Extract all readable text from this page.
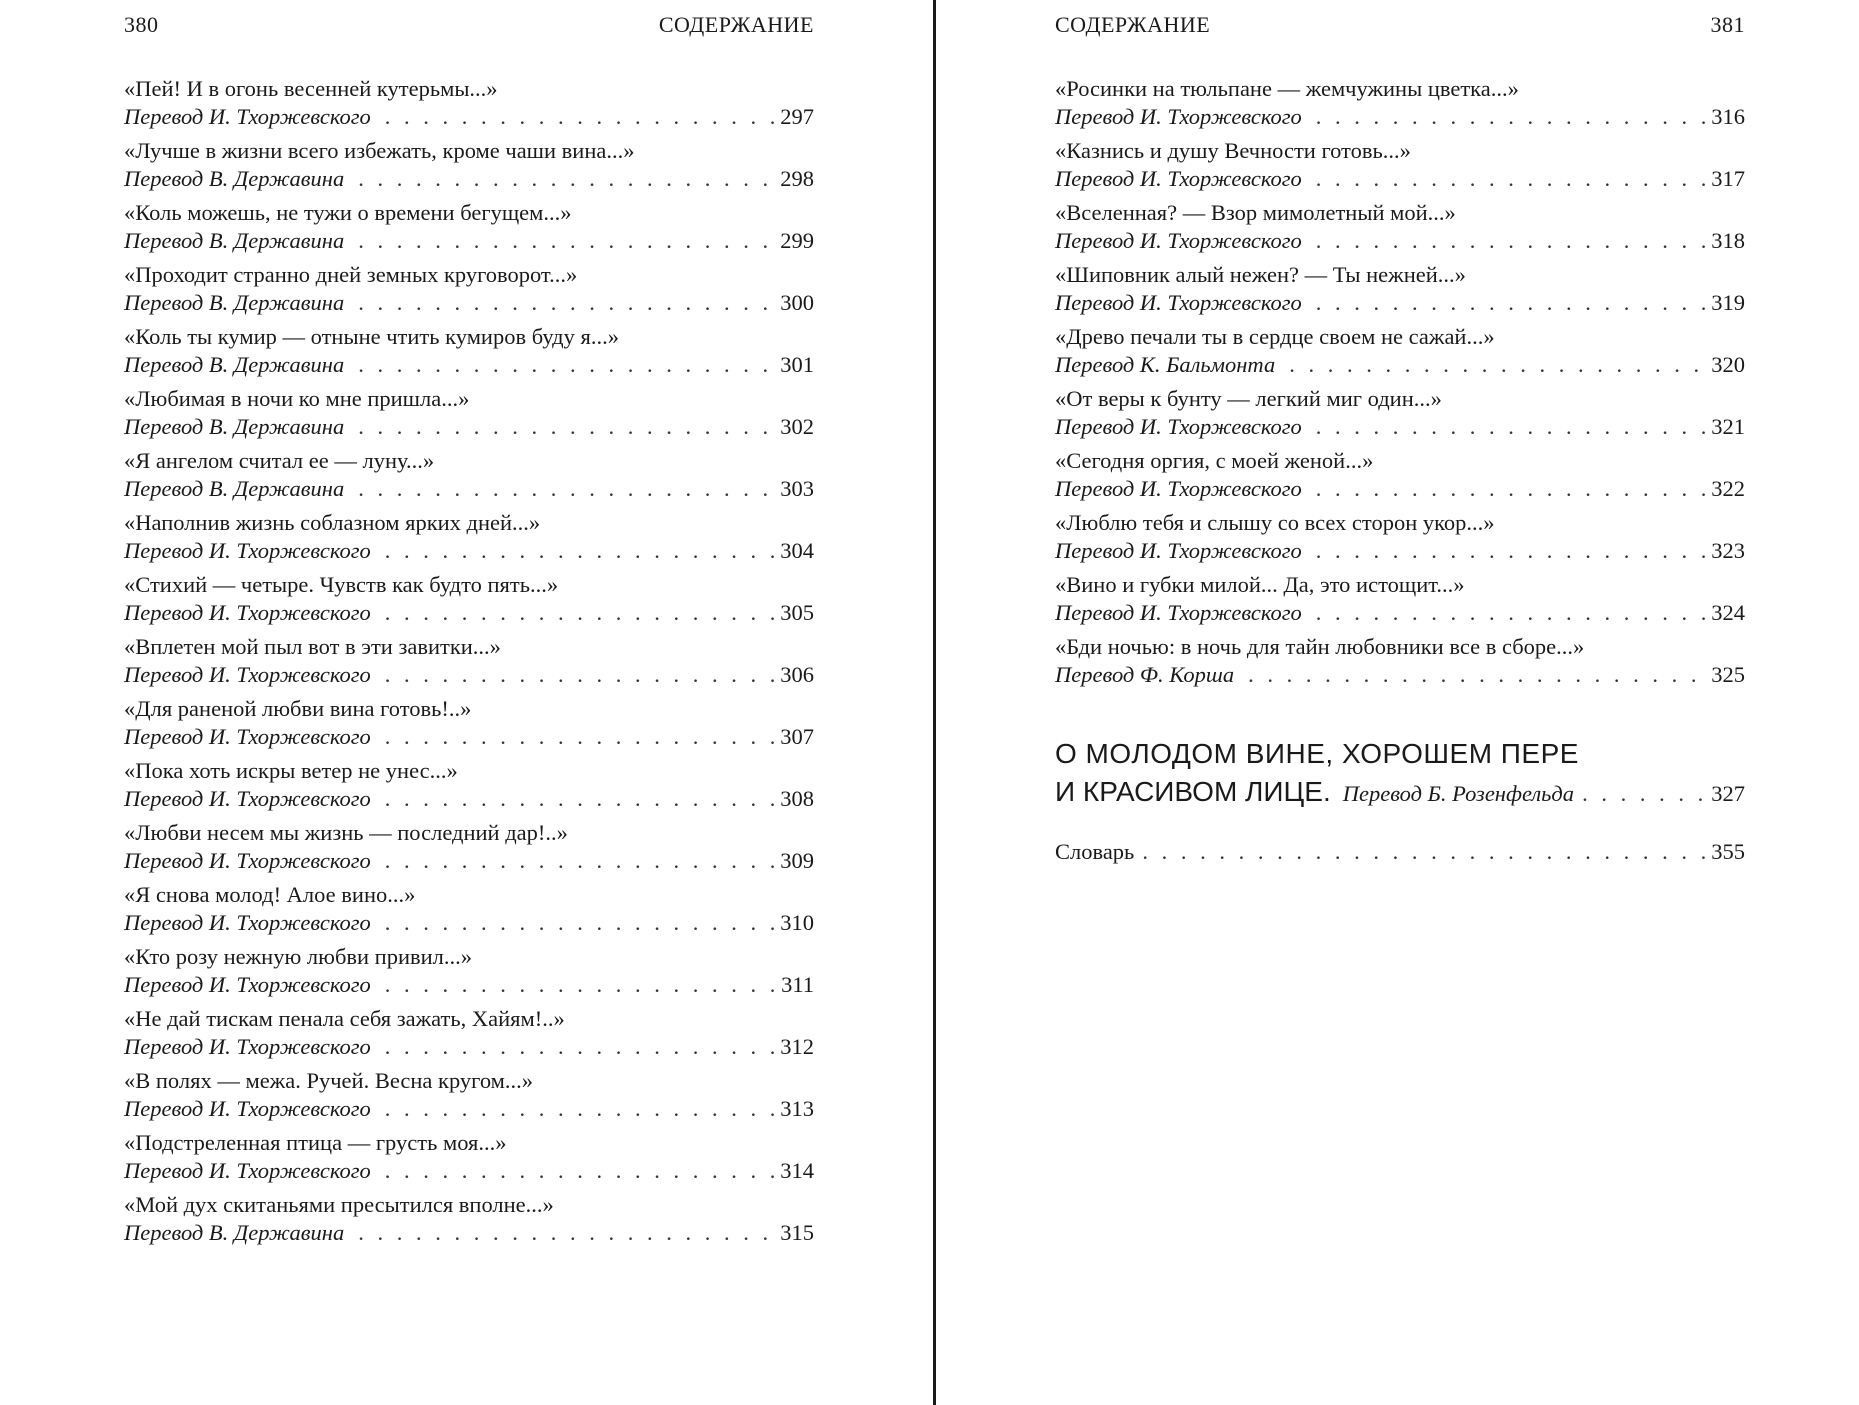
380	СОДЕРЖАНИЕ
«Пей! И в огонь весенней кутерьмы...»
Перевод И. Тхоржевского . . .	297
«Лучше в жизни всего избежать, кроме чаши вина...»
Перевод В. Державина . . .	298
«Коль можешь, не тужи о времени бегущем...»
Перевод В. Державина . . .	299
«Проходит странно дней земных круговорот...»
Перевод В. Державина . . .	300
«Коль ты кумир — отныне чтить кумиров буду я...»
Перевод В. Державина . . .	301
«Любимая в ночи ко мне пришла...»
Перевод В. Державина . . .	302
«Я ангелом считал ее — луну...»
Перевод В. Державина . . .	303
«Наполнив жизнь соблазном ярких дней...»
Перевод И. Тхоржевского . . .	304
«Стихий — четыре. Чувств как будто пять...»
Перевод И. Тхоржевского . . .	305
«Вплетен мой пыл вот в эти завитки...»
Перевод И. Тхоржевского . . .	306
«Для раненой любви вина готовь!..»
Перевод И. Тхоржевского . . .	307
«Пока хоть искры ветер не унес...»
Перевод И. Тхоржевского . . .	308
«Любви несем мы жизнь — последний дар!..»
Перевод И. Тхоржевского . . .	309
«Я снова молод! Алое вино...»
Перевод И. Тхоржевского . . .	310
«Кто розу нежную любви привил...»
Перевод И. Тхоржевского . . .	311
«Не дай тискам пенала себя зажать, Хайям!..»
Перевод И. Тхоржевского . . .	312
«В полях — межа. Ручей. Весна кругом...»
Перевод И. Тхоржевского . . .	313
«Подстреленная птица — грусть моя...»
Перевод И. Тхоржевского . . .	314
«Мой дух скитаньями пресытился вполне...»
Перевод В. Державина . . .	315
СОДЕРЖАНИЕ	381
«Росинки на тюльпане — жемчужины цветка...»
Перевод И. Тхоржевского . . .	316
«Казнись и душу Вечности готовь...»
Перевод И. Тхоржевского . . .	317
«Вселенная? — Взор мимолетный мой...»
Перевод И. Тхоржевского . . .	318
«Шиповник алый нежен? — Ты нежней...»
Перевод И. Тхоржевского . . .	319
«Древо печали ты в сердце своем не сажай...»
Перевод К. Бальмонта . . .	320
«От веры к бунту — легкий миг один...»
Перевод И. Тхоржевского . . .	321
«Сегодня оргия, с моей женой...»
Перевод И. Тхоржевского . . .	322
«Люблю тебя и слышу со всех сторон укор...»
Перевод И. Тхоржевского . . .	323
«Вино и губки милой... Да, это истощит...»
Перевод И. Тхоржевского . . .	324
«Бди ночью: в ночь для тайн любовники все в сборе...»
Перевод Ф. Корша . . .	325
О МОЛОДОМ ВИНЕ, ХОРОШЕМ ПЕРЕ
И КРАСИВОМ ЛИЦЕ. Перевод Б. Розенфельда . . .	327
Словарь . . .	355
